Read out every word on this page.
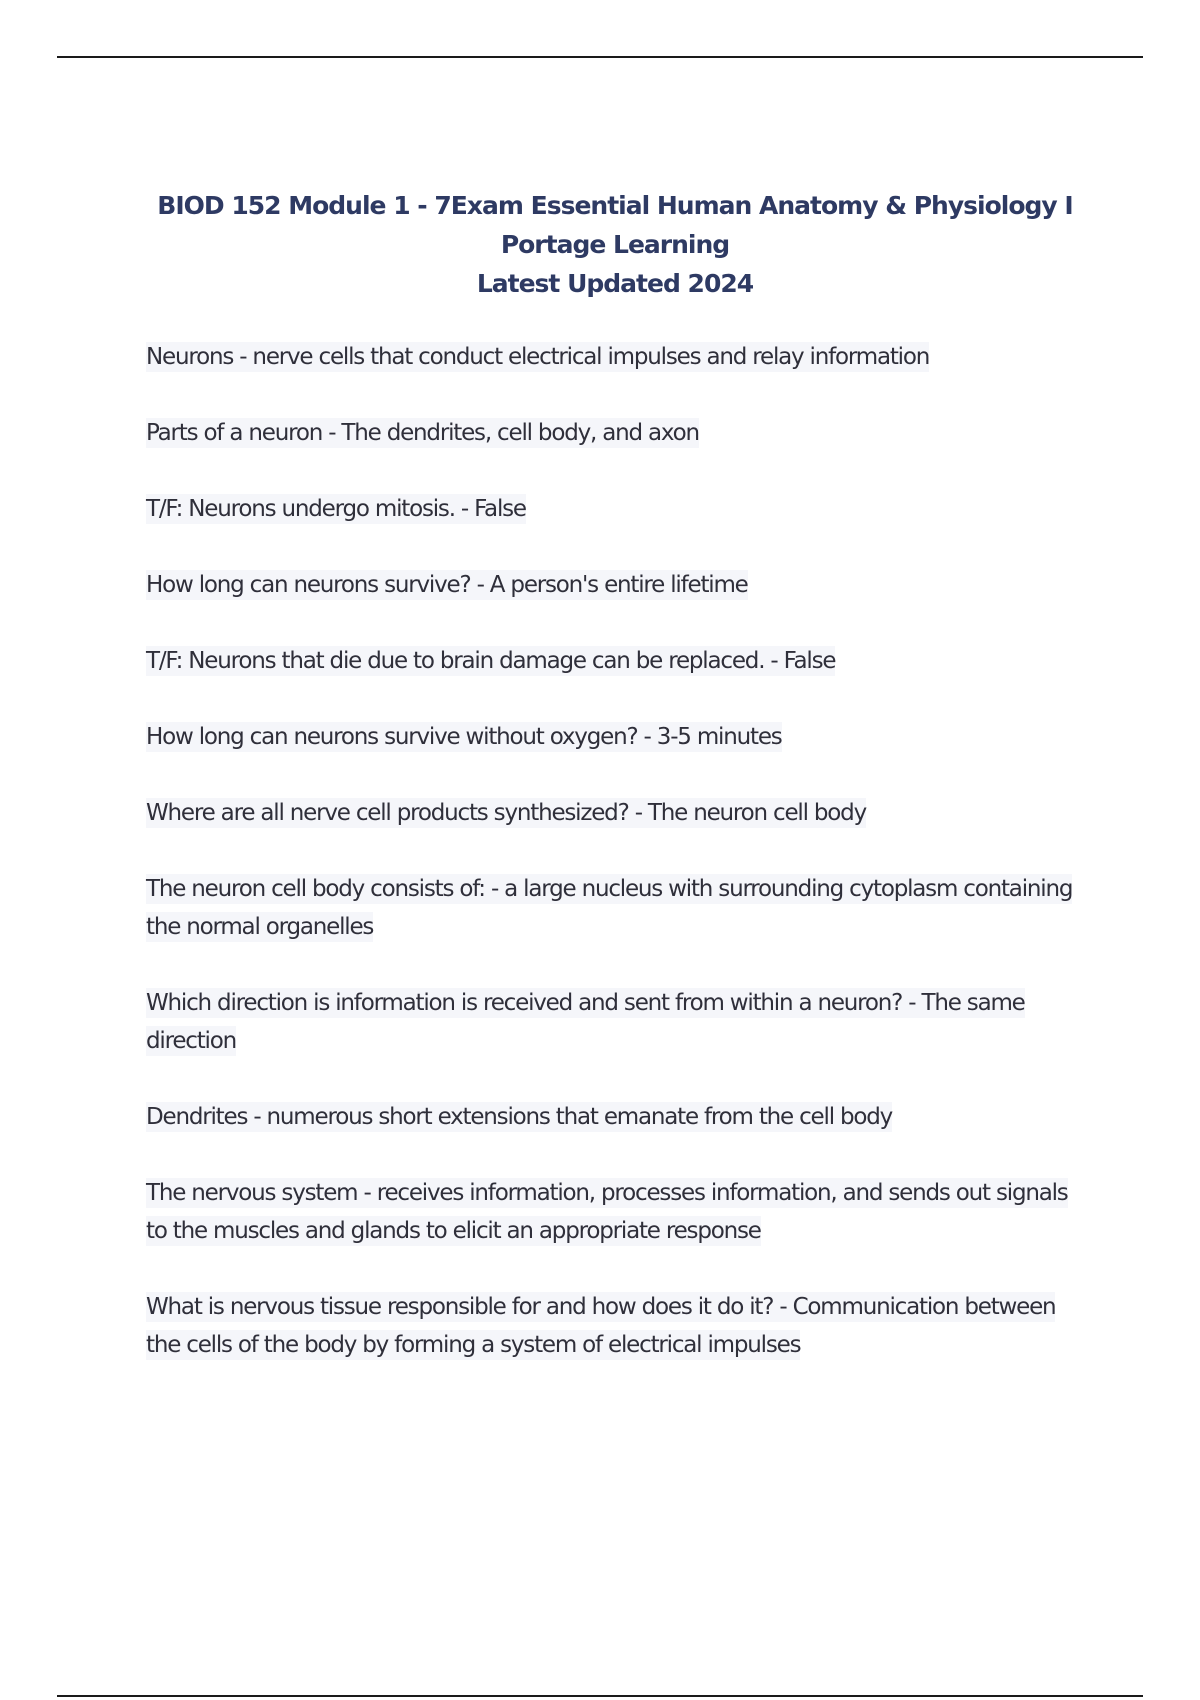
BIOD 152 Module 1 - 7Exam Essential Human Anatomy & Physiology I Portage Learning
Latest Updated 2024
Neurons - nerve cells that conduct electrical impulses and relay information
Parts of a neuron - The dendrites, cell body, and axon
T/F: Neurons undergo mitosis. - False
How long can neurons survive? - A person's entire lifetime
T/F: Neurons that die due to brain damage can be replaced. - False
How long can neurons survive without oxygen? - 3-5 minutes
Where are all nerve cell products synthesized? - The neuron cell body
The neuron cell body consists of: - a large nucleus with surrounding cytoplasm containing the normal organelles
Which direction is information is received and sent from within a neuron? - The same direction
Dendrites - numerous short extensions that emanate from the cell body
The nervous system - receives information, processes information, and sends out signals to the muscles and glands to elicit an appropriate response
What is nervous tissue responsible for and how does it do it? - Communication between the cells of the body by forming a system of electrical impulses
